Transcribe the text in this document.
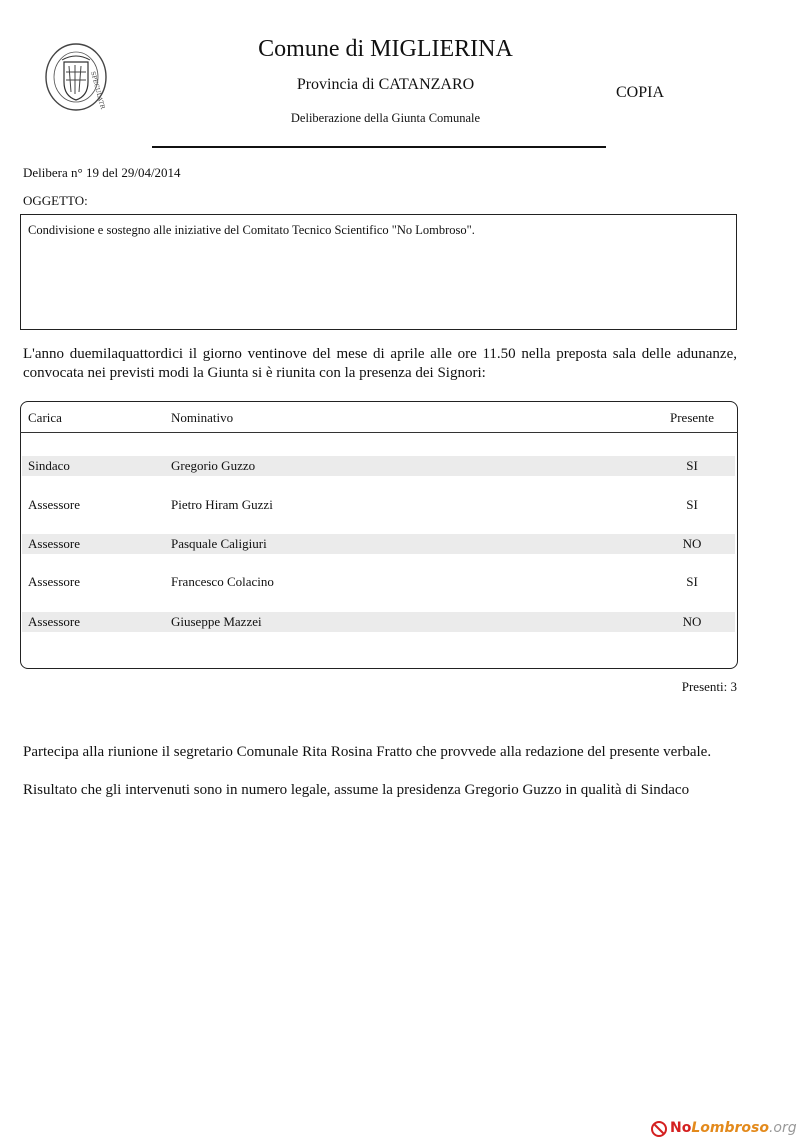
SPECULATR
Comune di MIGLIERINA
Provincia di CATANZARO
Deliberazione della Giunta Comunale
COPIA
Delibera n° 19 del 29/04/2014
OGGETTO:
Condivisione e sostegno alle iniziative del Comitato Tecnico Scientifico "No Lombroso".
L'anno duemilaquattordici il giorno ventinove del mese di aprile alle ore 11.50 nella preposta sala delle adunanze, convocata nei previsti modi la Giunta si è riunita con la presenza dei Signori:
Carica	Nominativo	Presente
Sindaco	Gregorio Guzzo	SI
Assessore	Pietro Hiram Guzzi	SI
Assessore	Pasquale Caligiuri	NO
Assessore	Francesco Colacino	SI
Assessore	Giuseppe Mazzei	NO
Presenti: 3
Partecipa alla riunione il segretario Comunale Rita Rosina Fratto che provvede alla redazione del presente verbale.
Risultato che gli intervenuti sono in numero legale, assume la presidenza Gregorio Guzzo in qualità di Sindaco
NoLombroso.org
